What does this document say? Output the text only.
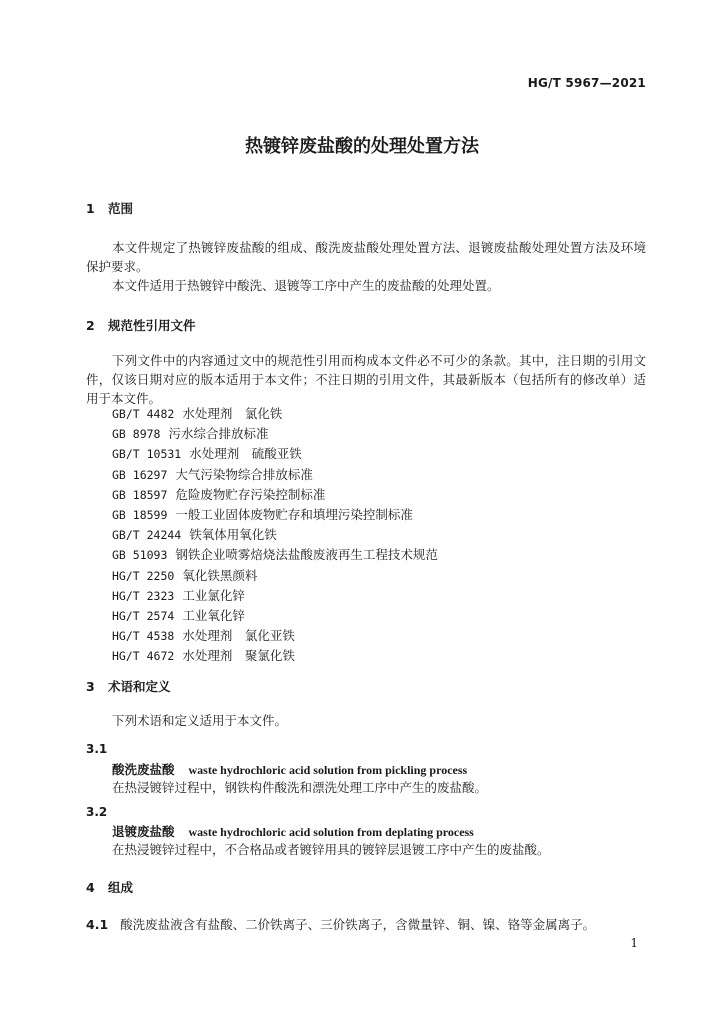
HG/T 5967—2021
热镀锌废盐酸的处理处置方法
1 范围
本文件规定了热镀锌废盐酸的组成、酸洗废盐酸处理处置方法、退镀废盐酸处理处置方法及环境保护要求。
本文件适用于热镀锌中酸洗、退镀等工序中产生的废盐酸的处理处置。
2 规范性引用文件
下列文件中的内容通过文中的规范性引用而构成本文件必不可少的条款。其中，注日期的引用文件，仅该日期对应的版本适用于本文件；不注日期的引用文件，其最新版本（包括所有的修改单）适用于本文件。
GB/T 4482 水处理剂　氯化铁
GB 8978 污水综合排放标准
GB/T 10531 水处理剂　硫酸亚铁
GB 16297 大气污染物综合排放标准
GB 18597 危险废物贮存污染控制标准
GB 18599 一般工业固体废物贮存和填埋污染控制标准
GB/T 24244 铁氧体用氧化铁
GB 51093 钢铁企业喷雾焙烧法盐酸废液再生工程技术规范
HG/T 2250 氧化铁黑颜料
HG/T 2323 工业氯化锌
HG/T 2574 工业氧化锌
HG/T 4538 水处理剂　氯化亚铁
HG/T 4672 水处理剂　聚氯化铁
3 术语和定义
下列术语和定义适用于本文件。
3.1
酸洗废盐酸 waste hydrochloric acid solution from pickling process
在热浸镀锌过程中，钢铁构件酸洗和漂洗处理工序中产生的废盐酸。
3.2
退镀废盐酸 waste hydrochloric acid solution from deplating process
在热浸镀锌过程中，不合格品或者镀锌用具的镀锌层退镀工序中产生的废盐酸。
4 组成
4.1 酸洗废盐液含有盐酸、二价铁离子、三价铁离子，含微量锌、铜、镍、铬等金属离子。
1
